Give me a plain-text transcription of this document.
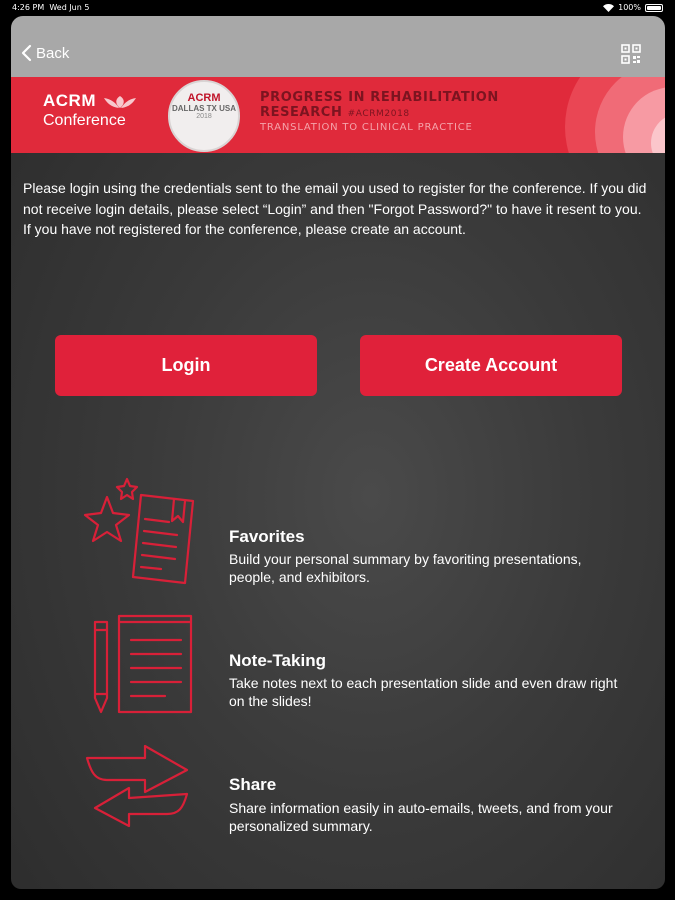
4:26 PM Wed Jun 5	100%
Back
ACRM
Conference
ACRM
DALLAS TX USA
2018
PROGRESS IN REHABILITATION
RESEARCH #ACRM2018
TRANSLATION TO CLINICAL PRACTICE
Please login using the credentials sent to the email you used to register for the conference. If you did not receive login details, please select “Login” and then "Forgot Password?" to have it resent to you. If you have not registered for the conference, please create an account.
Login	Create Account
Favorites
Build your personal summary by favoriting presentations, people, and exhibitors.
Note-Taking
Take notes next to each presentation slide and even draw right on the slides!
Share
Share information easily in auto-emails, tweets, and from your personalized summary.
